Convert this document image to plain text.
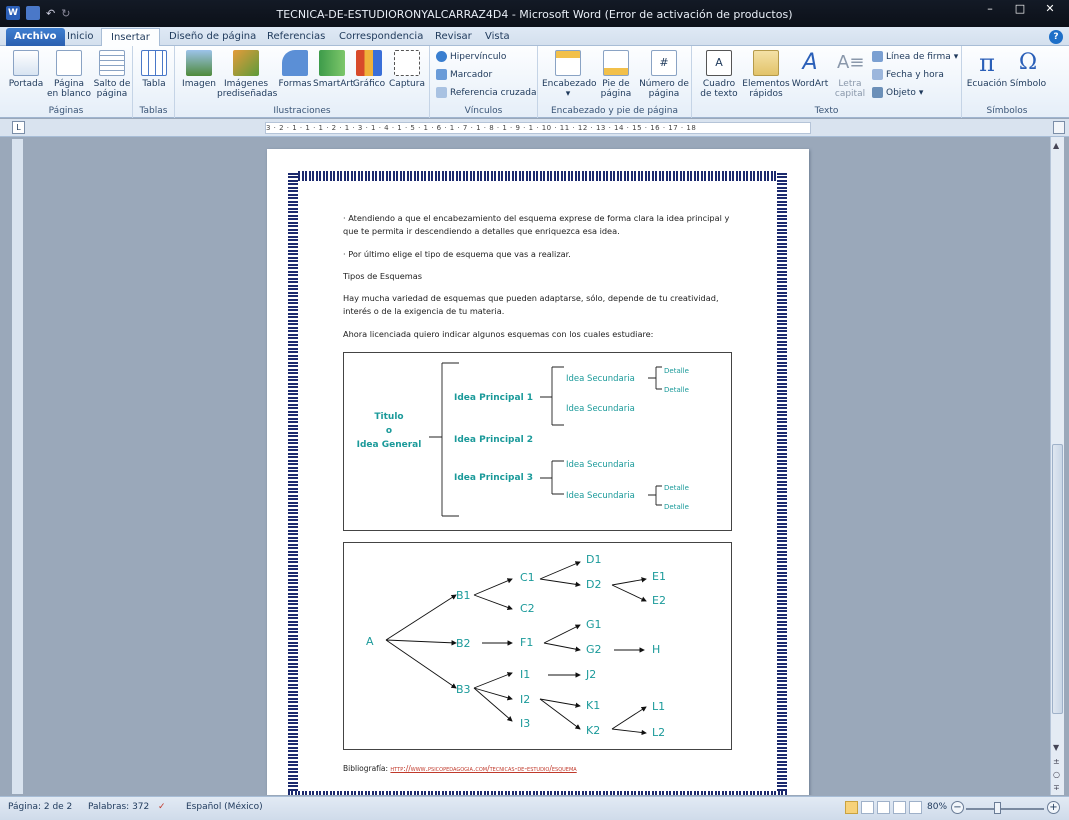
W	↶ ↻	TECNICA-DE-ESTUDIORONYALCARRAZ4D4 - Microsoft Word (Error de activación de productos)	–	□	✕
Archivo	Inicio	Insertar	Diseño de página	Referencias	Correspondencia	Revisar	Vista	?
Portada	Página
en blanco
Salto de
página
Páginas
Tabla
Tablas
Imagen Imágenes
prediseñadas
Formas SmartArt Gráfico Captura
Ilustraciones
Hipervínculo
Marcador
Referencia cruzada
Vínculos
Encabezado
▾
Pie de
página
#
Número de
página
Encabezado y pie de página
A
Cuadro
de texto
Elementos
rápidos
A
WordArt
A≡
Letra
capital
Línea de firma ▾
Fecha y hora
Objeto ▾
Texto
π
Ecuación
Ω
Símbolo
Símbolos
L	3 · 2 · 1 · 1 · 1 · 2 · 1 · 3 · 1 · 4 · 1 · 5 · 1 · 6 · 1 · 7 · 1 · 8 · 1 · 9 · 1 · 10 · 11 · 12 · 13 · 14 · 15 · 16 · 17 · 18
· Atendiendo a que el encabezamiento del esquema exprese de forma clara la idea principal y que te permita ir descendiendo a detalles que enriquezca esa idea.
· Por último elige el tipo de esquema que vas a realizar.
Tipos de Esquemas
Hay mucha variedad de esquemas que pueden adaptarse, sólo, depende de tu creatividad, interés o de la exigencia de tu materia.
Ahora licenciada quiero indicar algunos esquemas con los cuales estudiare:
Titulo
o
Idea General
Idea Principal 1
Idea Principal 2
Idea Principal 3
Idea Secundaria
Idea Secundaria
Idea Secundaria
Idea Secundaria
Detalle
Detalle
Detalle
Detalle
A
B1
B2
B3
C1
C2
D1
D2
E1
E2
F1
G1
G2	H
I1
I2
I3
J2
K1
K2
L1
L2
Bibliografía: http://www.psicopedagogia.com/tecnicas-de-estudio/esquema
▲
▼
±
○
∓
Página: 2 de 2 Palabras: 372 ✓ Español (México)	80% −	+
